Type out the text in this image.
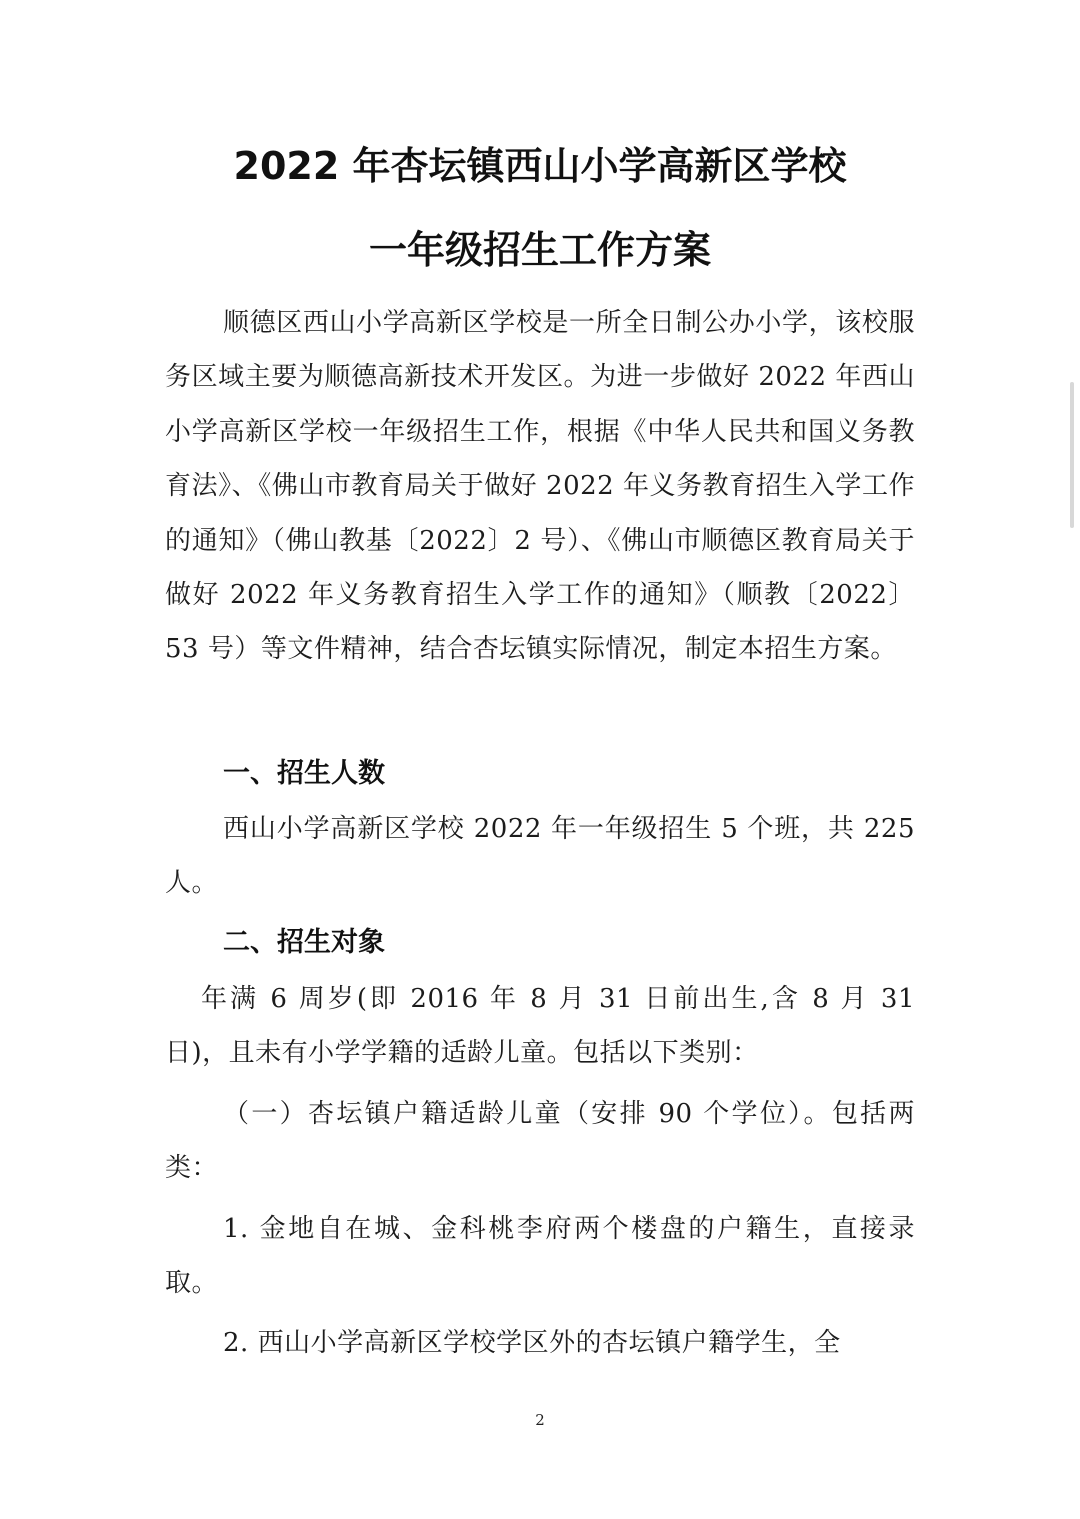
2022 年杏坛镇西山小学高新区学校
一年级招生工作方案

顺德区西山小学高新区学校是一所全日制公办小学，该校服务区域主要为顺德高新技术开发区。为进一步做好 2022 年西山小学高新区学校一年级招生工作，根据《中华人民共和国义务教育法》、《佛山市教育局关于做好 2022 年义务教育招生入学工作的通知》（佛山教基〔2022〕2 号）、《佛山市顺德区教育局关于做好 2022 年义务教育招生入学工作的通知》（顺教〔2022〕53 号）等文件精神，结合杏坛镇实际情况，制定本招生方案。

一、招生人数

西山小学高新区学校 2022 年一年级招生 5 个班，共 225 人。

二、招生对象

年满 6 周岁(即 2016 年 8 月 31 日前出生,含 8 月 31 日)，且未有小学学籍的适龄儿童。包括以下类别：

（一）杏坛镇户籍适龄儿童（安排 90 个学位）。包括两类：

1. 金地自在城、金科桃李府两个楼盘的户籍生，直接录取。

2. 西山小学高新区学校学区外的杏坛镇户籍学生，全

2
